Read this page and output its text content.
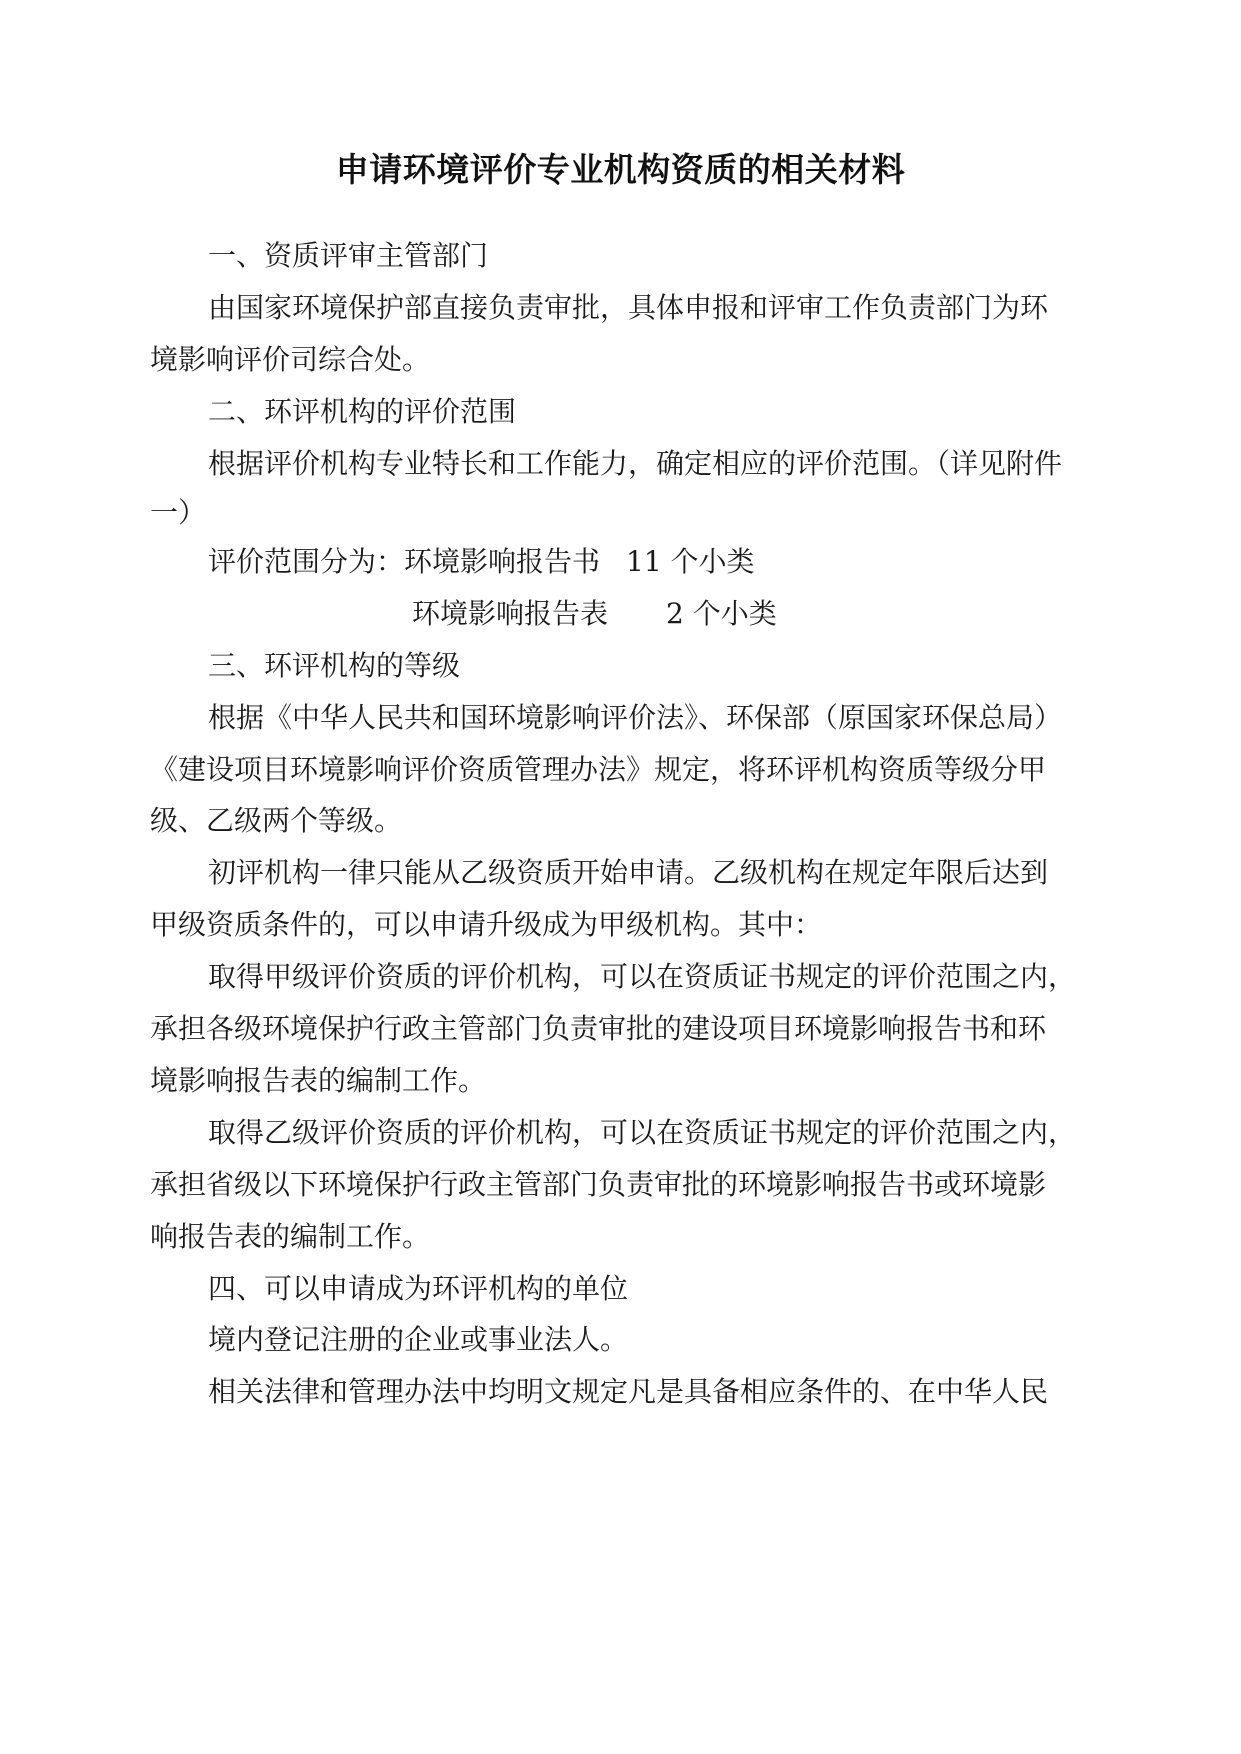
申请环境评价专业机构资质的相关材料
一、资质评审主管部门
由国家环境保护部直接负责审批，具体申报和评审工作负责部门为环
境影响评价司综合处。
二、环评机构的评价范围
根据评价机构专业特长和工作能力，确定相应的评价范围。（详见附件
一）
评价范围分为：环境影响报告书 11 个小类
环境影响报告表 2 个小类
三、环评机构的等级
根据《中华人民共和国环境影响评价法》、环保部（原国家环保总局）
《建设项目环境影响评价资质管理办法》规定，将环评机构资质等级分甲
级、乙级两个等级。
初评机构一律只能从乙级资质开始申请。乙级机构在规定年限后达到
甲级资质条件的，可以申请升级成为甲级机构。其中：
取得甲级评价资质的评价机构，可以在资质证书规定的评价范围之内，
承担各级环境保护行政主管部门负责审批的建设项目环境影响报告书和环
境影响报告表的编制工作。
取得乙级评价资质的评价机构，可以在资质证书规定的评价范围之内，
承担省级以下环境保护行政主管部门负责审批的环境影响报告书或环境影
响报告表的编制工作。
四、可以申请成为环评机构的单位
境内登记注册的企业或事业法人。
相关法律和管理办法中均明文规定凡是具备相应条件的、在中华人民
